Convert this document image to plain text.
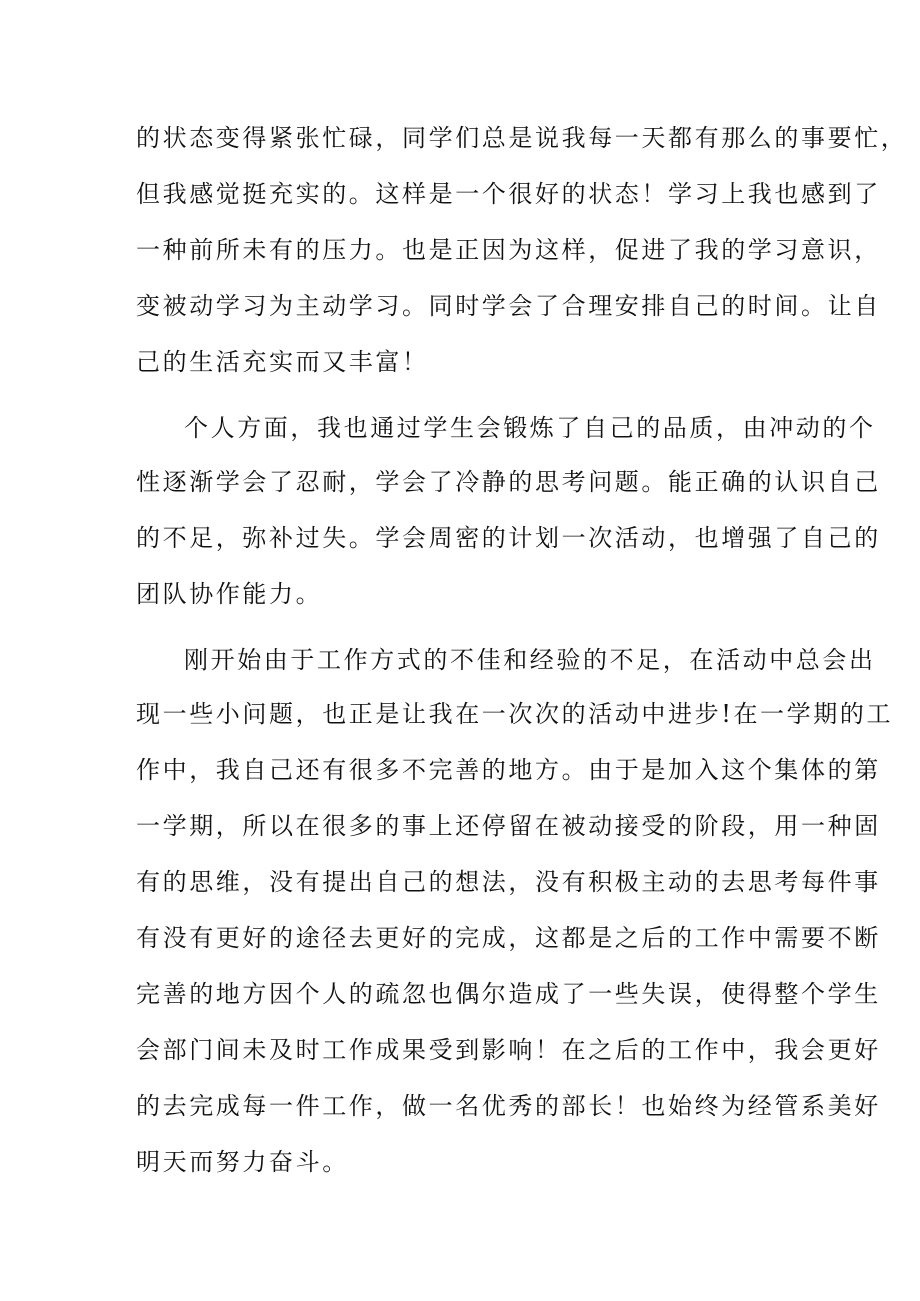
的状态变得紧张忙碌，同学们总是说我每一天都有那么的事要忙，
但我感觉挺充实的。这样是一个很好的状态！学习上我也感到了
一种前所未有的压力。也是正因为这样，促进了我的学习意识，
变被动学习为主动学习。同时学会了合理安排自己的时间。让自
己的生活充实而又丰富！
个人方面，我也通过学生会锻炼了自己的品质，由冲动的个
性逐渐学会了忍耐，学会了冷静的思考问题。能正确的认识自己
的不足，弥补过失。学会周密的计划一次活动，也增强了自己的
团队协作能力。
刚开始由于工作方式的不佳和经验的不足，在活动中总会出
现一些小问题，也正是让我在一次次的活动中进步!在一学期的工
作中，我自己还有很多不完善的地方。由于是加入这个集体的第
一学期，所以在很多的事上还停留在被动接受的阶段，用一种固
有的思维，没有提出自己的想法，没有积极主动的去思考每件事
有没有更好的途径去更好的完成，这都是之后的工作中需要不断
完善的地方因个人的疏忽也偶尔造成了一些失误，使得整个学生
会部门间未及时工作成果受到影响！在之后的工作中，我会更好
的去完成每一件工作，做一名优秀的部长！也始终为经管系美好
明天而努力奋斗。
